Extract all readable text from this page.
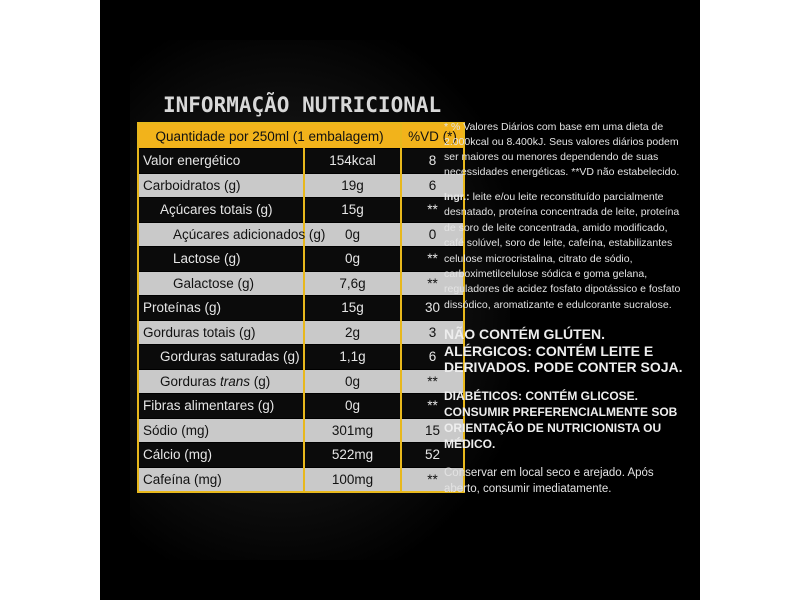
INFORMAÇÃO NUTRICIONAL
Quantidade por 250ml (1 embalagem)		%VD (*)
Valor energético	154kcal	8
Carboidratos (g)	19g	6
Açúcares totais (g)	15g	**
Açúcares adicionados (g)	0g	0
Lactose (g)	0g	**
Galactose (g)	7,6g	**
Proteínas (g)	15g	30
Gorduras totais (g)	2g	3
Gorduras saturadas (g)	1,1g	6
Gorduras trans (g)	0g	**
Fibras alimentares (g)	0g	**
Sódio (mg)	301mg	15
Cálcio (mg)	522mg	52
Cafeína (mg)	100mg	**

* % Valores Diários com base em uma dieta de 2.000kcal ou 8.400kJ. Seus valores diários podem ser maiores ou menores dependendo de suas necessidades energéticas. **VD não estabelecido.

Ingr.: leite e/ou leite reconstituído parcialmente desnatado, proteína concentrada de leite, proteína de soro de leite concentrada, amido modificado, café solúvel, soro de leite, cafeína, estabilizantes celulose microcristalina, citrato de sódio, carboximetilcelulose sódica e goma gelana, reguladores de acidez fosfato dipotássico e fosfato dissódico, aromatizante e edulcorante sucralose.

NÃO CONTÉM GLÚTEN. ALÉRGICOS: CONTÉM LEITE E DERIVADOS. PODE CONTER SOJA.

DIABÉTICOS: CONTÉM GLICOSE. CONSUMIR PREFERENCIALMENTE SOB ORIENTAÇÃO DE NUTRICIONISTA OU MÉDICO.

Conservar em local seco e arejado. Após aberto, consumir imediatamente.
